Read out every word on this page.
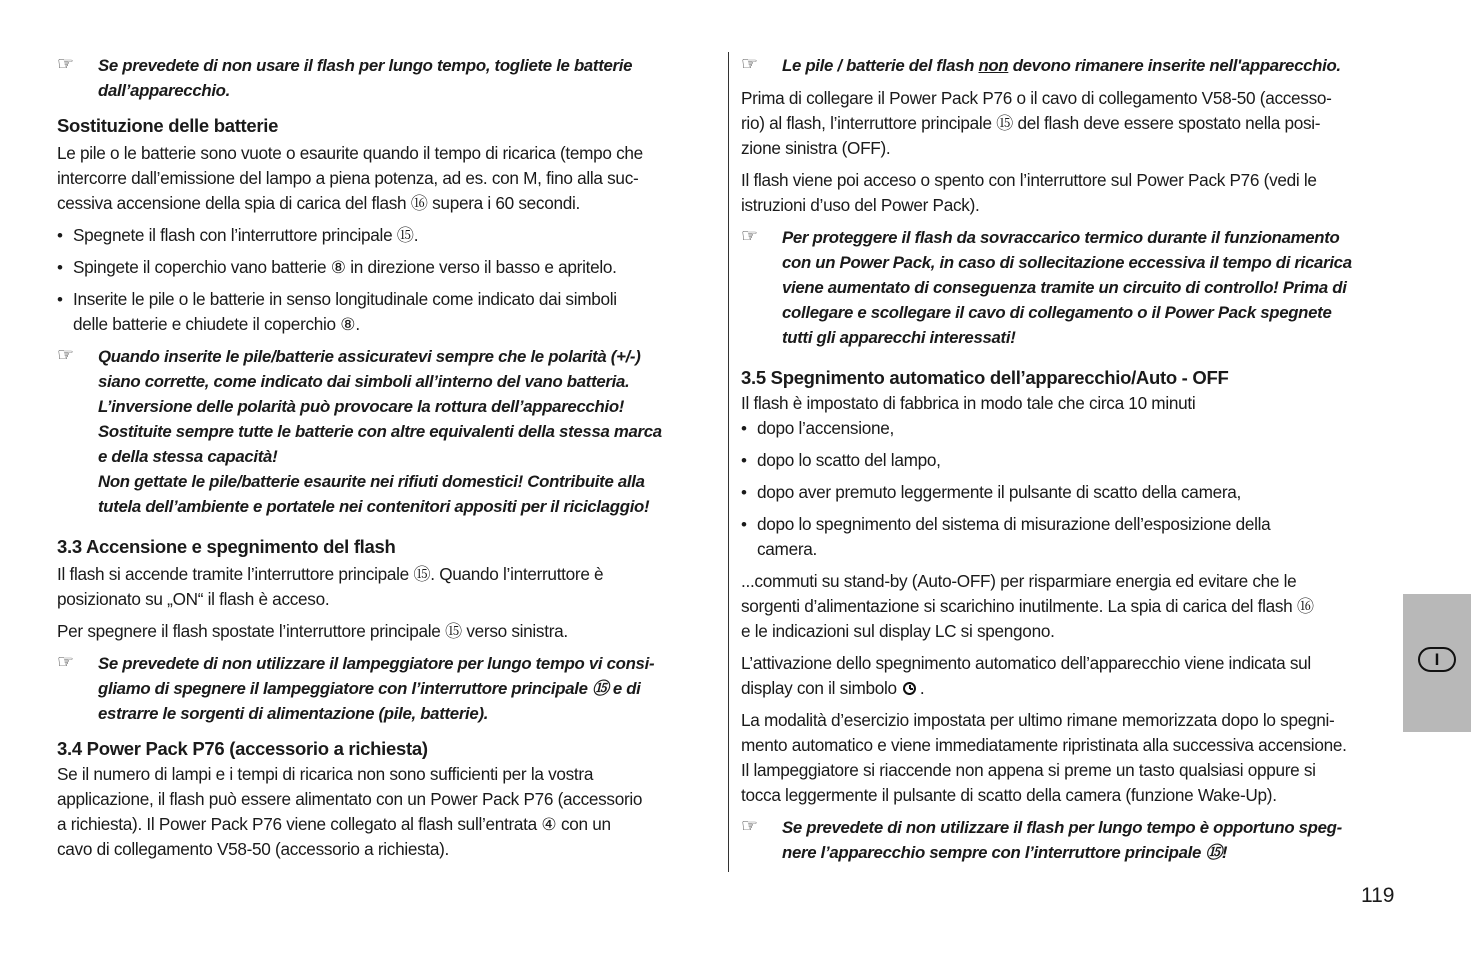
☞ Se prevedete di non usare il flash per lungo tempo, togliete le batterie

dall’apparecchio.

Sostituzione delle batterie

Le pile o le batterie sono vuote o esaurite quando il tempo di ricarica (tempo che

intercorre dall’emissione del lampo a piena potenza, ad es. con M, fino alla suc-

cessiva accensione della spia di carica del flash ⑯ supera i 60 secondi.

• Spegnete il flash con l’interruttore principale ⑮.

• Spingete il coperchio vano batterie ⑧ in direzione verso il basso e apritelo.

• Inserite le pile o le batterie in senso longitudinale come indicato dai simboli

delle batterie e chiudete il coperchio ⑧.

☞ Quando inserite le pile/batterie assicuratevi sempre che le polarità (+/-)

siano corrette, come indicato dai simboli all’interno del vano batteria.

L’inversione delle polarità può provocare la rottura dell’apparecchio!

Sostituite sempre tutte le batterie con altre equivalenti della stessa marca

e della stessa capacità!

Non gettate le pile/batterie esaurite nei rifiuti domestici! Contribuite alla

tutela dell’ambiente e portatele nei contenitori appositi per il riciclaggio!

3.3 Accensione e spegnimento del flash

Il flash si accende tramite l’interruttore principale ⑮. Quando l’interruttore è

posizionato su „ON“ il flash è acceso.

Per spegnere il flash spostate l’interruttore principale ⑮ verso sinistra.

☞ Se prevedete di non utilizzare il lampeggiatore per lungo tempo vi consi-

gliamo di spegnere il lampeggiatore con l’interruttore principale ⑮ e di

estrarre le sorgenti di alimentazione (pile, batterie).

3.4 Power Pack P76 (accessorio a richiesta)

Se il numero di lampi e i tempi di ricarica non sono sufficienti per la vostra

applicazione, il flash può essere alimentato con un Power Pack P76 (accessorio

a richiesta). Il Power Pack P76 viene collegato al flash sull’entrata ④ con un

cavo di collegamento V58-50 (accessorio a richiesta).

☞ Le pile / batterie del flash non devono rimanere inserite nell'apparecchio.

Prima di collegare il Power Pack P76 o il cavo di collegamento V58-50 (accesso-

rio) al flash, l’interruttore principale ⑮ del flash deve essere spostato nella posi-

zione sinistra (OFF).

Il flash viene poi acceso o spento con l’interruttore sul Power Pack P76 (vedi le

istruzioni d’uso del Power Pack).

☞ Per proteggere il flash da sovraccarico termico durante il funzionamento

con un Power Pack, in caso di sollecitazione eccessiva il tempo di ricarica

viene aumentato di conseguenza tramite un circuito di controllo! Prima di

collegare e scollegare il cavo di collegamento o il Power Pack spegnete

tutti gli apparecchi interessati!

3.5 Spegnimento automatico dell’apparecchio/Auto - OFF

Il flash è impostato di fabbrica in modo tale che circa 10 minuti

• dopo l’accensione,

• dopo lo scatto del lampo,

• dopo aver premuto leggermente il pulsante di scatto della camera,

• dopo lo spegnimento del sistema di misurazione dell’esposizione della

camera.

...commuti su stand-by (Auto-OFF) per risparmiare energia ed evitare che le

sorgenti d’alimentazione si scarichino inutilmente. La spia di carica del flash ⑯

e le indicazioni sul display LC si spengono.

L’attivazione dello spegnimento automatico dell’apparecchio viene indicata sul

display con il simbolo .

La modalità d’esercizio impostata per ultimo rimane memorizzata dopo lo spegni-

mento automatico e viene immediatamente ripristinata alla successiva accensione.

Il lampeggiatore si riaccende non appena si preme un tasto qualsiasi oppure si

tocca leggermente il pulsante di scatto della camera (funzione Wake-Up).

☞ Se prevedete di non utilizzare il flash per lungo tempo è opportuno speg-

nere l’apparecchio sempre con l’interruttore principale ⑮!

119
I
